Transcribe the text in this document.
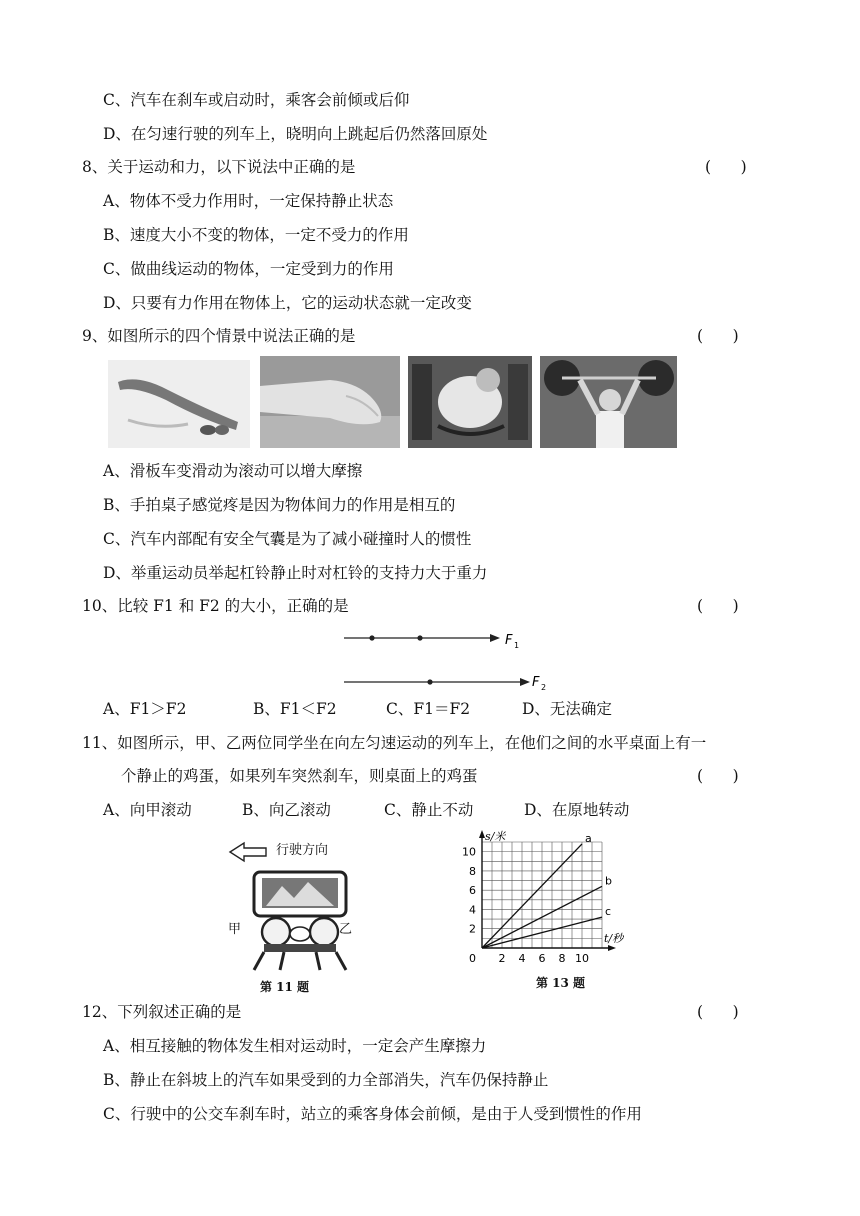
C、汽车在刹车或启动时，乘客会前倾或后仰
D、在匀速行驶的列车上，晓明向上跳起后仍然落回原处
8、关于运动和力，以下说法中正确的是	(      )
A、物体不受力作用时，一定保持静止状态
B、速度大小不变的物体，一定不受力的作用
C、做曲线运动的物体，一定受到力的作用
D、只要有力作用在物体上，它的运动状态就一定改变
9、如图所示的四个情景中说法正确的是	(      )
A、滑板车变滑动为滚动可以增大摩擦
B、手拍桌子感觉疼是因为物体间力的作用是相互的
C、汽车内部配有安全气囊是为了减小碰撞时人的惯性
D、举重运动员举起杠铃静止时对杠铃的支持力大于重力
10、比较 F1 和 F2 的大小，正确的是	(      )
F 1
F 2
A、F1＞F2	B、F1＜F2	C、F1＝F2	D、无法确定
11、如图所示，甲、乙两位同学坐在向左匀速运动的列车上，在他们之间的水平桌面上有一
个静止的鸡蛋，如果列车突然刹车，则桌面上的鸡蛋	(      )
A、向甲滚动	B、向乙滚动	C、静止不动	D、在原地转动
行驶方向
甲	乙
第 11 题
2
4
6
8
10
2 4 6 8 10
0
s/米
t/秒
a
b
c
第 13 题
12、下列叙述正确的是	(      )
A、相互接触的物体发生相对运动时，一定会产生摩擦力
B、静止在斜坡上的汽车如果受到的力全部消失，汽车仍保持静止
C、行驶中的公交车刹车时，站立的乘客身体会前倾，是由于人受到惯性的作用
